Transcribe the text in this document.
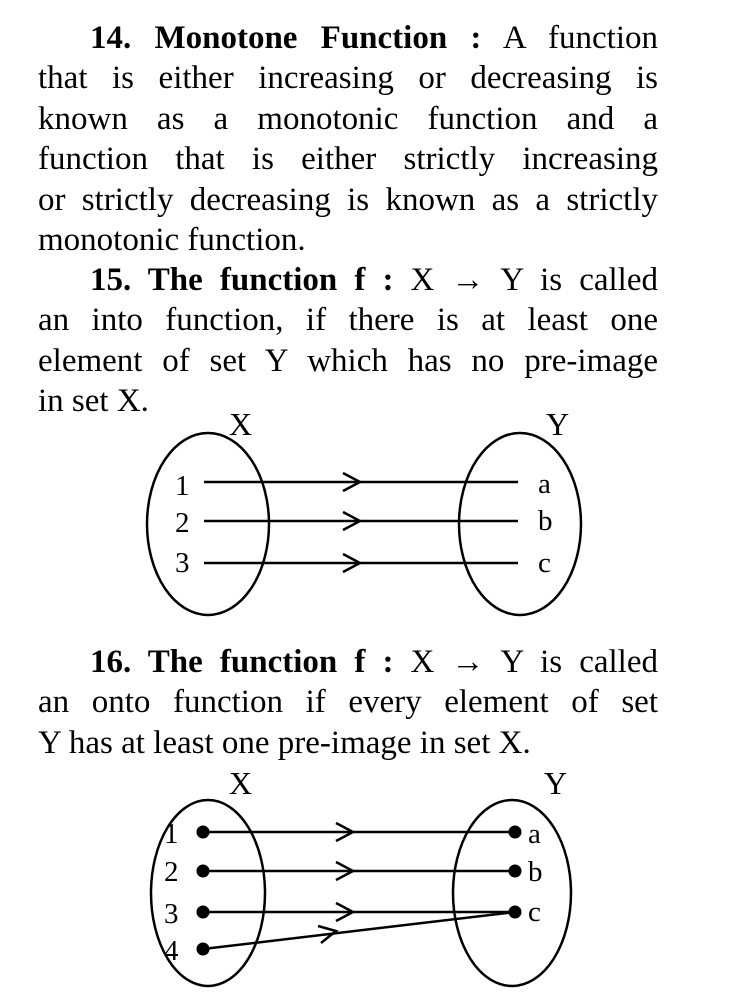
14. Monotone Function : A function
that is either increasing or decreasing is
known as a monotonic function and a
function that is either strictly increasing
or strictly decreasing is known as a strictly
monotonic function.
15. The function f : X → Y is called
an into function, if there is at least one
element of set Y which has no pre-image
in set X.
X	Y
1
2
3
a
b
c
16. The function f : X → Y is called
an onto function if every element of set
Y has at least one pre-image in set X.
X	Y
1
2
3
4
a
b
c
